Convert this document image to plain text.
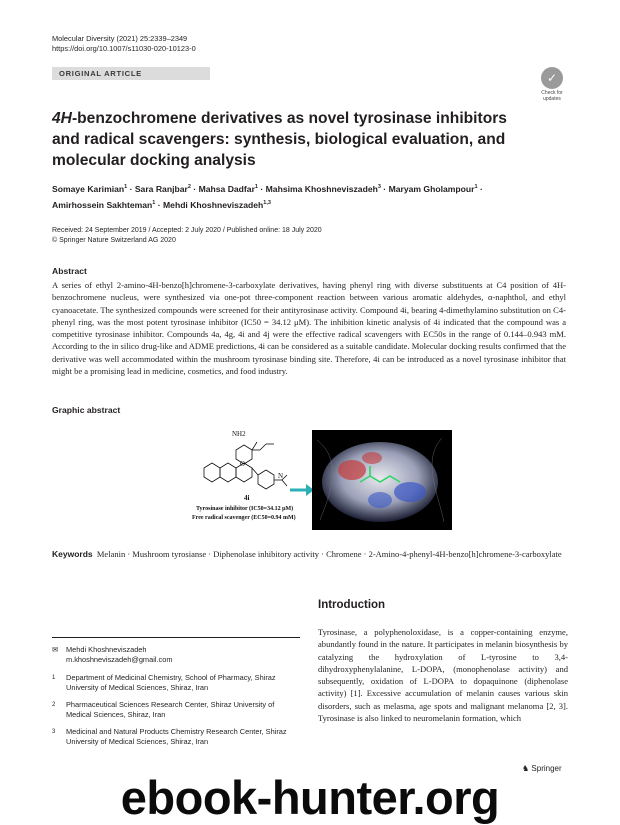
Molecular Diversity (2021) 25:2339–2349
https://doi.org/10.1007/s11030-020-10123-0
ORIGINAL ARTICLE	✓
Check for updates
4H-benzochromene derivatives as novel tyrosinase inhibitors and radical scavengers: synthesis, biological evaluation, and molecular docking analysis
Somaye Karimian$^1$ · Sara Ranjbar$^2$ · Mahsa Dadfar$^1$ · Mahsima Khoshneviszadeh$^3$ · Maryam Gholampour$^1$ ·
Amirhossein Sakhteman$^1$ · Mehdi Khoshneviszadeh$^{1,3}$
Received: 24 September 2019 / Accepted: 2 July 2020 / Published online: 18 July 2020
© Springer Nature Switzerland AG 2020
Abstract
A series of ethyl 2-amino-4H-benzo[h]chromene-3-carboxylate derivatives, having phenyl ring with diverse substituents at C4 position of 4H-benzochromene nucleus, were synthesized via one-pot three-component reaction between various aromatic aldehydes, α-naphthol, and ethyl cyanoacetate. The synthesized compounds were screened for their antityrosinase activity. Compound 4i, bearing 4-dimethylamino substitution on C4-phenyl ring, was the most potent tyrosinase inhibitor (IC50 = 34.12 μM). The inhibition kinetic analysis of 4i indicated that the compound was a competitive tyrosinase inhibitor. Compounds 4a, 4g, 4i and 4j were the effective radical scavengers with EC50s in the range of 0.144–0.943 mM. According to the in silico drug-like and ADME predictions, 4i can be considered as a suitable candidate. Molecular docking results confirmed that the derivative was well accommodated within the mushroom tyrosinase binding site. Therefore, 4i can be introduced as a novel tyrosinase inhibitor that might be a promising lead in medicine, cosmetics, and food industry.
Graphic abstract
NH2
O
N
4i
Tyrosinase inhibitor (IC50=34.12 μM)
Free radical scavenger (EC50=0.94 mM)
Keywords Melanin · Mushroom tyrosianse · Diphenolase inhibitory activity · Chromene · 2-Amino-4-phenyl-4H-benzo[h]chromene-3-carboxylate
✉ Mehdi Khoshneviszadeh
m.khoshneviszadeh@gmail.com
1	Department of Medicinal Chemistry, School of Pharmacy, Shiraz University of Medical Sciences, Shiraz, Iran
2	Pharmaceutical Sciences Research Center, Shiraz University of Medical Sciences, Shiraz, Iran
3	Medicinal and Natural Products Chemistry Research Center, Shiraz University of Medical Sciences, Shiraz, Iran
Introduction
Tyrosinase, a polyphenoloxidase, is a copper-containing enzyme, abundantly found in the nature. It participates in melanin biosynthesis by catalyzing the hydroxylation of L-tyrosine to 3,4-dihydroxyphenylalanine, L-DOPA, (monophenolase activity) and subsequently, oxidation of L-DOPA to dopaquinone (diphenolase activity) [1]. Excessive accumulation of melanin causes various skin disorders, such as melasma, age spots and malignant melanoma [2, 3]. Tyrosinase is also linked to neuromelanin formation, which
♞ Springer
ebook-hunter.org
